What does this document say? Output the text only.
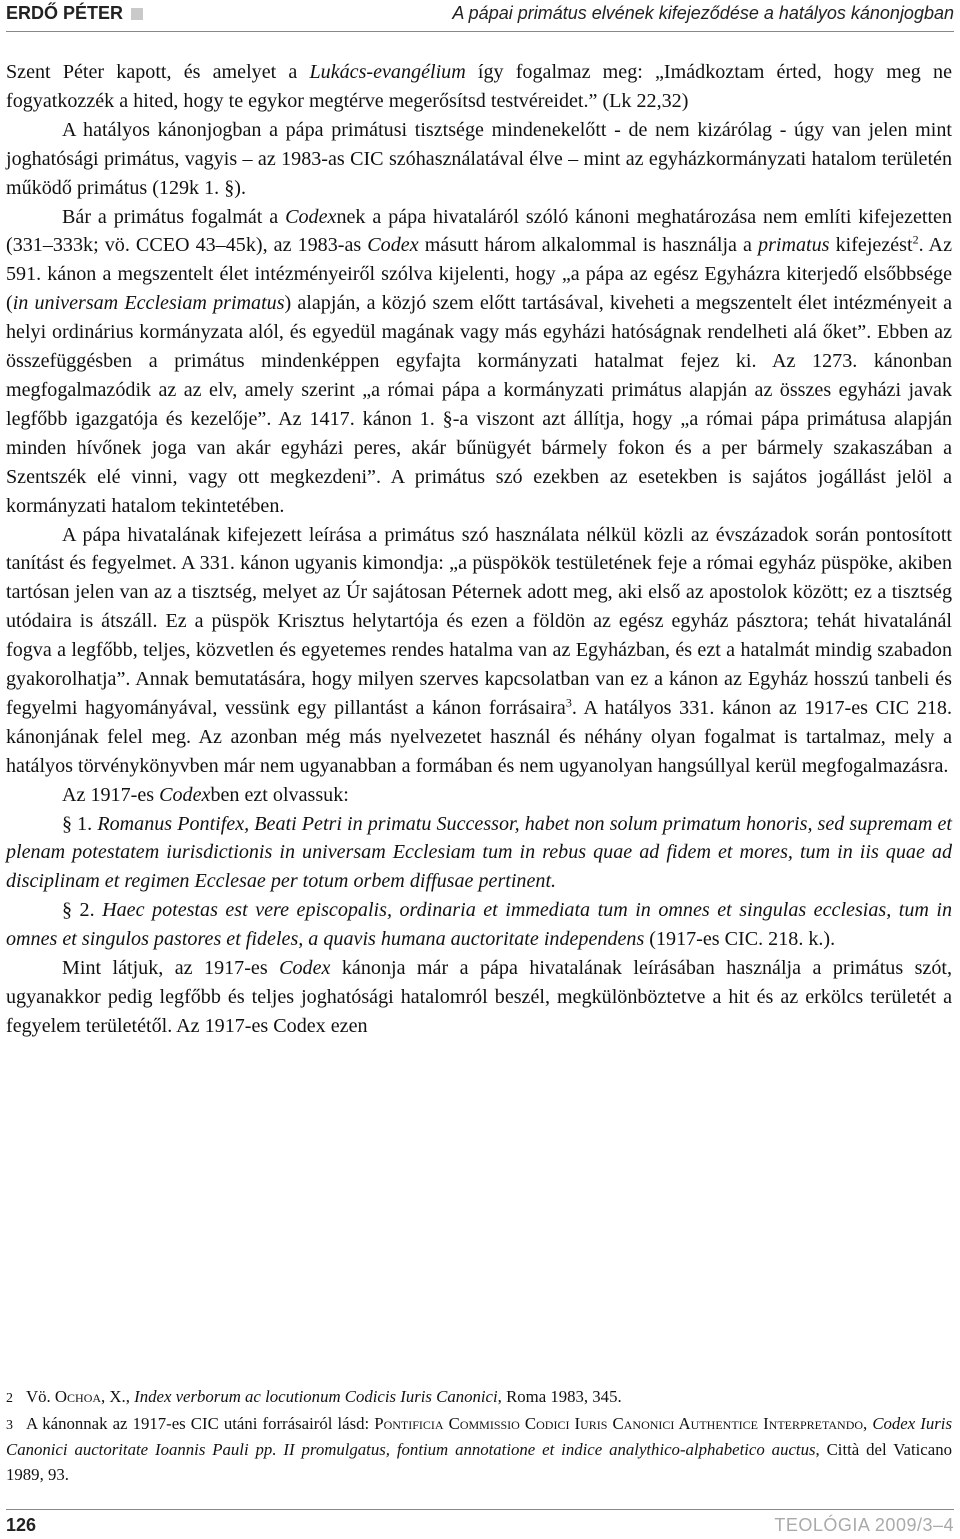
ERDŐ PÉTER	A pápai primátus elvének kifejeződése a hatályos kánonjogban

Szent Péter kapott, és amelyet a Lukács-evangélium így fogalmaz meg: „Imádkoztam érted, hogy meg ne fogyatkozzék a hited, hogy te egykor megtérve megerősítsd testvéreidet.” (Lk 22,32)

A hatályos kánonjogban a pápa primátusi tisztsége mindenekelőtt - de nem kizárólag - úgy van jelen mint joghatósági primátus, vagyis – az 1983-as CIC szóhasználatával élve – mint az egyházkormányzati hatalom területén működő primátus (129k 1. §).

Bár a primátus fogalmát a Codexnek a pápa hivataláról szóló kánoni meghatározása nem említi kifejezetten (331–333k; vö. CCEO 43–45k), az 1983-as Codex másutt három alkalommal is használja a primatus kifejezést$^2$. Az 591. kánon a megszentelt élet intézményeiről szólva kijelenti, hogy „a pápa az egész Egyházra kiterjedő elsőbbsége (in universam Ecclesiam primatus) alapján, a közjó szem előtt tartásával, kiveheti a megszentelt élet intézményeit a helyi ordinárius kormányzata alól, és egyedül magának vagy más egyházi hatóságnak rendelheti alá őket”. Ebben az összefüggésben a primátus mindenképpen egyfajta kormányzati hatalmat fejez ki. Az 1273. kánonban megfogalmazódik az az elv, amely szerint „a római pápa a kormányzati primátus alapján az összes egyházi javak legfőbb igazgatója és kezelője”. Az 1417. kánon 1. §-a viszont azt állítja, hogy „a római pápa primátusa alapján minden hívőnek joga van akár egyházi peres, akár bűnügyét bármely fokon és a per bármely szakaszában a Szentszék elé vinni, vagy ott megkezdeni”. A primátus szó ezekben az esetekben is sajátos jogállást jelöl a kormányzati hatalom tekintetében.

A pápa hivatalának kifejezett leírása a primátus szó használata nélkül közli az évszázadok során pontosított tanítást és fegyelmet. A 331. kánon ugyanis kimondja: „a püspökök testületének feje a római egyház püspöke, akiben tartósan jelen van az a tisztség, melyet az Úr sajátosan Péternek adott meg, aki első az apostolok között; ez a tisztség utódaira is átszáll. Ez a püspök Krisztus helytartója és ezen a földön az egész egyház pásztora; tehát hivatalánál fogva a legfőbb, teljes, közvetlen és egyetemes rendes hatalma van az Egyházban, és ezt a hatalmát mindig szabadon gyakorolhatja”. Annak bemutatására, hogy milyen szerves kapcsolatban van ez a kánon az Egyház hosszú tanbeli és fegyelmi hagyományával, vessünk egy pillantást a kánon forrásaira$^3$. A hatályos 331. kánon az 1917-es CIC 218. kánonjának felel meg. Az azonban még más nyelvezetet használ és néhány olyan fogalmat is tartalmaz, mely a hatályos törvénykönyvben már nem ugyanabban a formában és nem ugyanolyan hangsúllyal kerül megfogalmazásra.

Az 1917-es Codexben ezt olvassuk:

§ 1. Romanus Pontifex, Beati Petri in primatu Successor, habet non solum primatum honoris, sed supremam et plenam potestatem iurisdictionis in universam Ecclesiam tum in rebus quae ad fidem et mores, tum in iis quae ad disciplinam et regimen Ecclesae per totum orbem diffusae pertinent.

§ 2. Haec potestas est vere episcopalis, ordinaria et immediata tum in omnes et singulas ecclesias, tum in omnes et singulos pastores et fideles, a quavis humana auctoritate independens (1917-es CIC. 218. k.).

Mint látjuk, az 1917-es Codex kánonja már a pápa hivatalának leírásában használja a primátus szót, ugyanakkor pedig legfőbb és teljes joghatósági hatalomról beszél, megkülönböztetve a hit és az erkölcs területét a fegyelem területétől. Az 1917-es Codex ezen

2 Vö. Ochoa, X., Index verborum ac locutionum Codicis Iuris Canonici, Roma 1983, 345.

3 A kánonnak az 1917-es CIC utáni forrásairól lásd: Pontificia Commissio Codici Iuris Canonici Authentice Interpretando, Codex Iuris Canonici auctoritate Ioannis Pauli pp. II promulgatus, fontium annotatione et indice analythico-alphabetico auctus, Città del Vaticano 1989, 93.

126	TEOLÓGIA 2009/3–4
